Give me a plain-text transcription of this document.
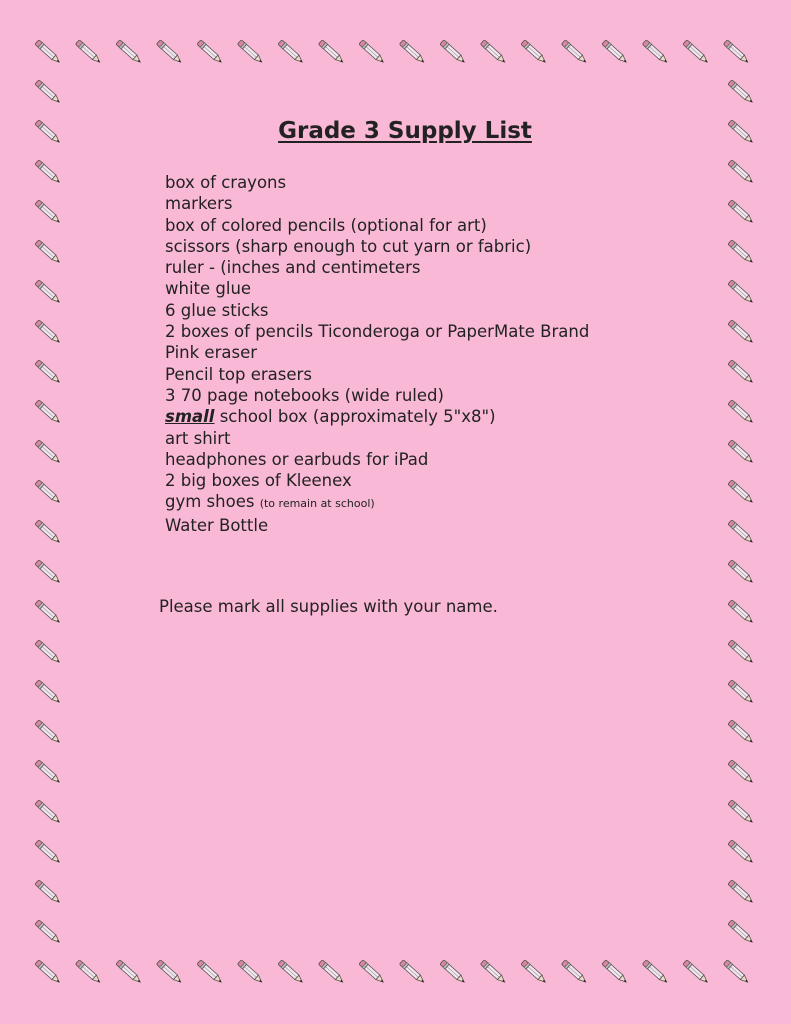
Grade 3 Supply List
box of crayons
markers
box of colored pencils (optional for art)
scissors (sharp enough to cut yarn or fabric)
ruler - (inches and centimeters
white glue
6 glue sticks
2 boxes of pencils Ticonderoga or PaperMate Brand
Pink eraser
Pencil top erasers
3 70 page notebooks (wide ruled)
small school box (approximately 5"x8")
art shirt
headphones or earbuds for iPad
2 big boxes of Kleenex
gym shoes (to remain at school)
Water Bottle
Please mark all supplies with your name.
